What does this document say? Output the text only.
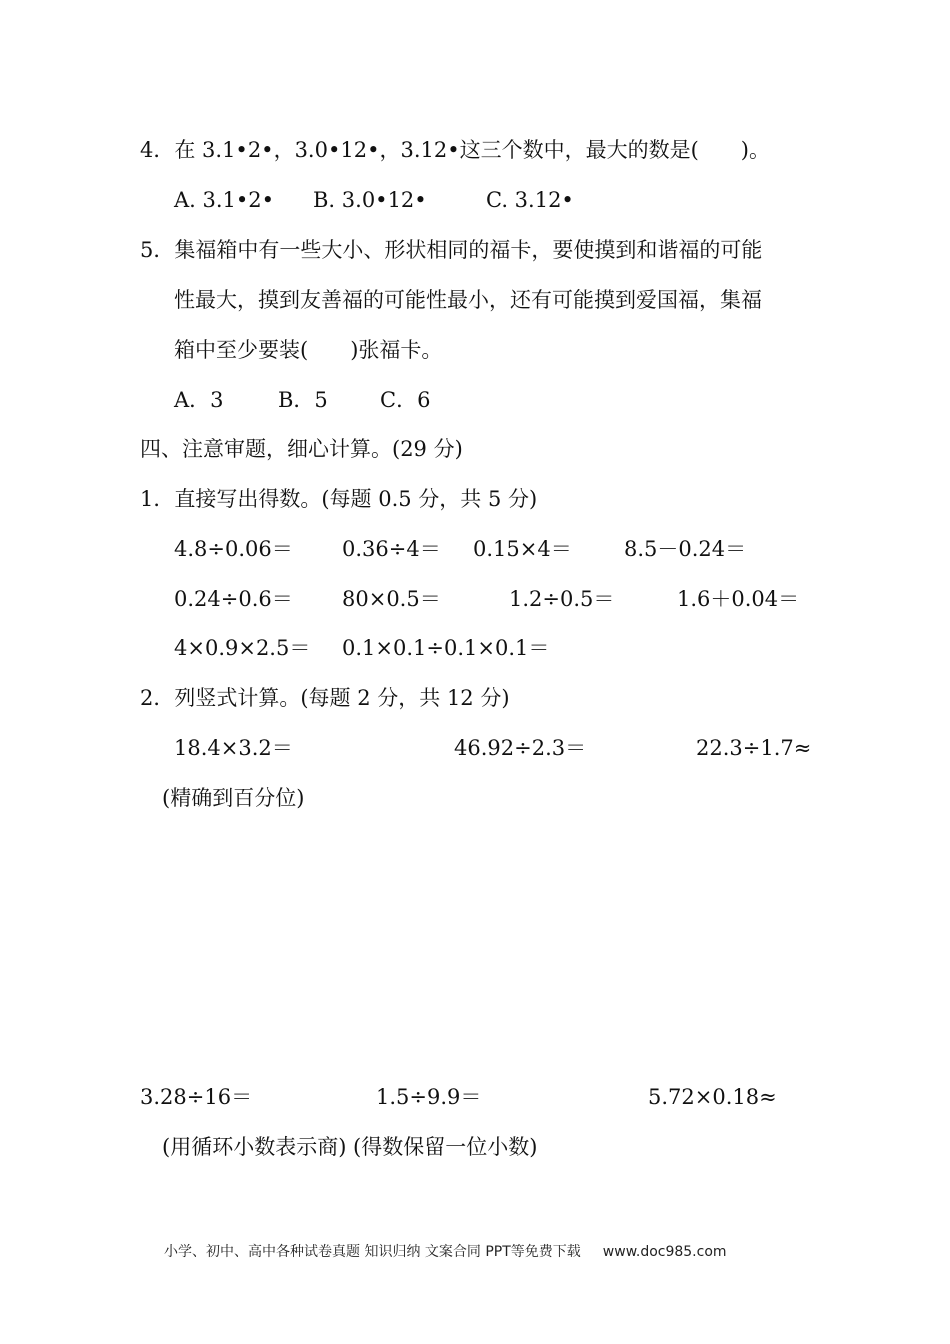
4．在 3.1•2•，3.0•12•，3.12•这三个数中，最大的数是(　　)。
A. 3.1•2• B. 3.0•12•	C. 3.12•
5．集福箱中有一些大小、形状相同的福卡，要使摸到和谐福的可能
性最大，摸到友善福的可能性最小，还有可能摸到爱国福，集福
箱中至少要装(　　)张福卡。
A．3	B．5 C．6
四、注意审题，细心计算。(29 分)
1．直接写出得数。(每题 0.5 分，共 5 分)
4.8÷0.06＝ 0.36÷4＝ 0.15×4＝ 8.5－0.24＝
0.24÷0.6＝ 80×0.5＝	1.2÷0.5＝	1.6＋0.04＝
4×0.9×2.5＝ 0.1×0.1÷0.1×0.1＝
2．列竖式计算。(每题 2 分，共 12 分)
18.4×3.2＝	46.92÷2.3＝	22.3÷1.7≈
(精确到百分位)
3.28÷16＝	1.5÷9.9＝	5.72×0.18≈
(用循环小数表示商) (得数保留一位小数)
小学、初中、高中各种试卷真题 知识归纳 文案合同 PPT等免费下载 www.doc985.com
